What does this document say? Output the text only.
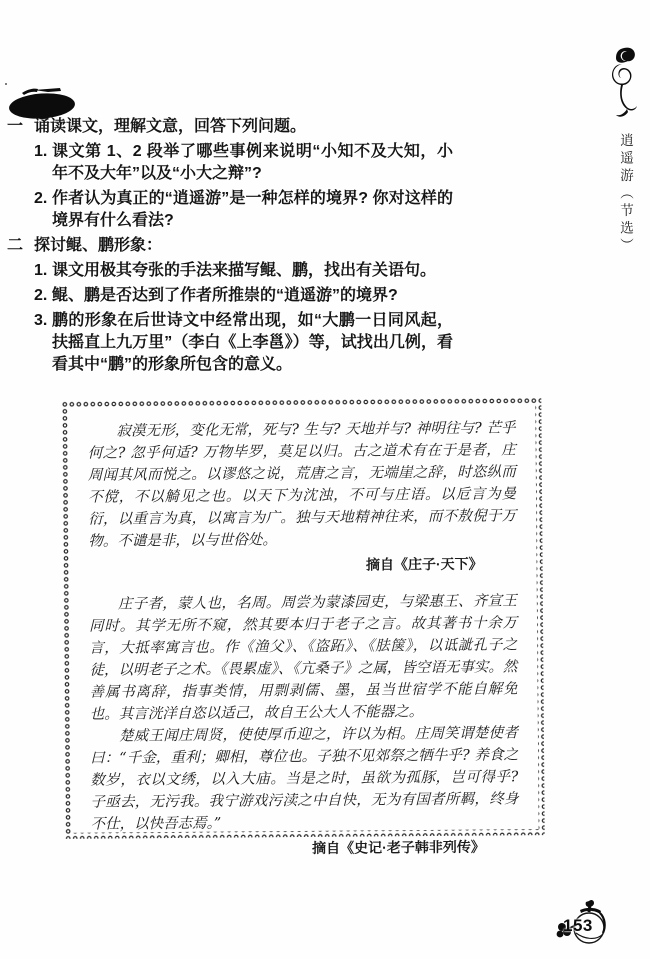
逍遥游（节选）
一 诵读课文，理解文意，回答下列问题。
1. 课文第 1、2 段举了哪些事例来说明“小知不及大知，小年不及大年”以及“小大之辩”?
2. 作者认为真正的“逍遥游”是一种怎样的境界? 你对这样的境界有什么看法?
二 探讨鲲、鹏形象：
1. 课文用极其夸张的手法来描写鲲、鹏，找出有关语句。
2. 鲲、鹏是否达到了作者所推崇的“逍遥游”的境界?
3. 鹏的形象在后世诗文中经常出现，如“大鹏一日同风起，扶摇直上九万里”（李白《上李邕》）等，试找出几例，看看其中“鹏”的形象所包含的意义。

寂漠无形，变化无常，死与? 生与? 天地并与? 神明往与? 芒乎何之? 忽乎何适? 万物毕罗，莫足以归。古之道术有在于是者，庄周闻其风而悦之。以谬悠之说，荒唐之言，无端崖之辞，时恣纵而不傥，不以觭见之也。以天下为沈浊，不可与庄语。以卮言为曼衍，以重言为真，以寓言为广。独与天地精神往来，而不敖倪于万物。不谴是非，以与世俗处。

摘自《庄子·天下》

庄子者，蒙人也，名周。周尝为蒙漆园吏，与梁惠王、齐宣王同时。其学无所不窥，然其要本归于老子之言。故其著书十余万言，大抵率寓言也。作《渔父》、《盗跖》、《胠箧》，以诋訿孔子之徒，以明老子之术。《畏累虚》、《亢桑子》之属，皆空语无事实。然善属书离辞，指事类情，用剽剥儒、墨，虽当世宿学不能自解免也。其言洸洋自恣以适己，故自王公大人不能器之。

楚威王闻庄周贤，使使厚币迎之，许以为相。庄周笑谓楚使者曰：“千金，重利；卿相，尊位也。子独不见郊祭之牺牛乎? 养食之数岁，衣以文绣，以入大庙。当是之时，虽欲为孤豚，岂可得乎? 子亟去，无污我。我宁游戏污渎之中自快，无为有国者所羁，终身不仕，以快吾志焉。”

摘自《史记·老子韩非列传》

153
